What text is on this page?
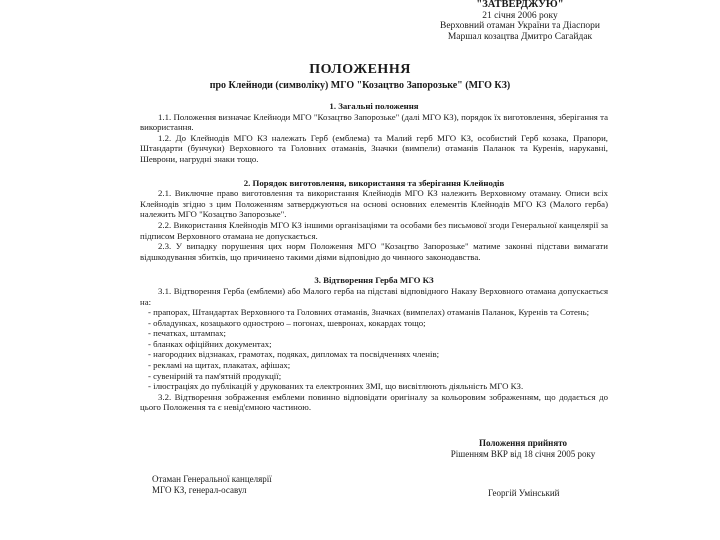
"ЗАТВЕРДЖУЮ"
21 січня 2006 року
Верховний отаман України та Діаспори
Маршал козацтва Дмитро Сагайдак
ПОЛОЖЕННЯ
про Клейноди (символіку) МГО "Козацтво Запорозьке" (МГО КЗ)
1. Загальні положення

1.1. Положення визначає Клейноди МГО "Козацтво Запорозьке" (далі МГО КЗ), порядок їх виготовлення, зберігання та використання.

1.2. До Клейнодів МГО КЗ належать Герб (емблема) та Малий герб МГО КЗ, особистий Герб козака, Прапори, Штандарти (бунчуки) Верховного та Головних отаманів, Значки (вимпели) отаманів Паланок та Куренів, нарукавні, Шеврони, нагрудні знаки тощо.

2. Порядок виготовлення, використання та зберігання Клейнодів

2.1. Виключне право виготовлення та використання Клейнодів МГО КЗ належить Верховному отаману. Описи всіх Клейнодів згідно з цим Положенням затверджуються на основі основних елементів Клейнодів МГО КЗ (Малого герба) належить МГО "Козацтво Запорозьке".

2.2. Використання Клейнодів МГО КЗ іншими організаціями та особами без письмової згоди Генеральної канцелярії за підписом Верховного отамана не допускається.

2.3. У випадку порушення цих норм Положення МГО "Козацтво Запорозьке" матиме законні підстави вимагати відшкодування збитків, що причинено такими діями відповідно до чинного законодавства.

3. Відтворення Герба МГО КЗ

3.1. Відтворення Герба (емблеми) або Малого герба на підставі відповідного Наказу Верховного отамана допускається на:

- прапорах, Штандартах Верховного та Головних отаманів, Значках (вимпелах) отаманів Паланок, Куренів та Сотень;
- обладунках, козацького однострою – погонах, шевронах, кокардах тощо;
- печатках, штампах;
- бланках офіційних документах;
- нагородних відзнаках, грамотах, подяках, дипломах та посвідченнях членів;
- рекламі на щитах, плакатах, афішах;
- сувенірній та пам'ятній продукції;
- ілюстраціях до публікацій у друкованих та електронних ЗМІ, що висвітлюють діяльність МГО КЗ.

3.2. Відтворення зображення емблеми повинно відповідати оригіналу за кольоровим зображенням, що додається до цього Положення та є невід'ємною частиною.

Положення прийнято
Рішенням ВКР від 18 січня 2005 року
Отаман Генеральної канцелярії
МГО КЗ, генерал-осавул	Георгій Умінський
